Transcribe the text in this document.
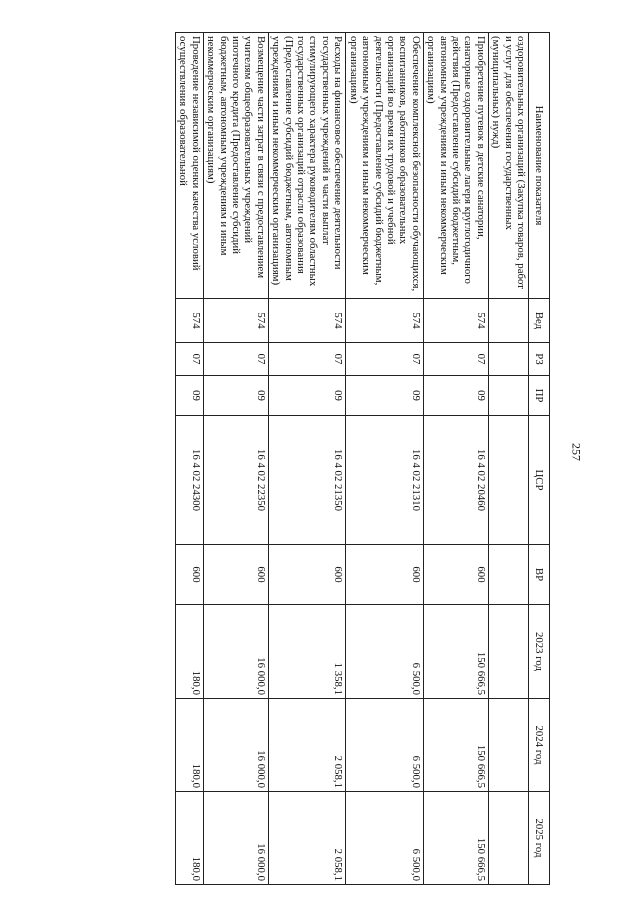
257
Наименование показателя	Вед	РЗ	ПР	ЦСР	ВР	2023 год	2024 год	2025 год
оздоровительных организаций (Закупка товаров, работ и услуг для обеспечения государственных (муниципальных) нужд)								
Приобретение путевок в детские санатории, санаторные оздоровительные лагеря круглогодичного действия (Предоставление субсидий бюджетным, автономным учреждениям и иным некоммерческим организациям)	574	07	09	16 4 02 20460	600	150 666,5	150 666,5	150 666,5
Обеспечение комплексной безопасности обучающихся, воспитанников, работников образовательных организаций во время их трудовой и учебной деятельности (Предоставление субсидий бюджетным, автономным учреждениям и иным некоммерческим организациям)	574	07	09	16 4 02 21310	600	6 500,0	6 500,0	6 500,0
Расходы на финансовое обеспечение деятельности государственных учреждений в части выплат стимулирующего характера руководителям областных государственных организаций отрасли образования (Предоставление субсидий бюджетным, автономным учреждениям и иным некоммерческим организациям)	574	07	09	16 4 02 21350	600	1 358,1	2 058,1	2 058,1
Возмещение части затрат в связи с предоставлением учителям общеобразовательных учреждений ипотечного кредита (Предоставление субсидий бюджетным, автономным учреждениям и иным некоммерческим организациям)	574	07	09	16 4 02 22350	600	16 000,0	16 000,0	16 000,0
Проведение независимой оценки качества условий осуществления образовательной	574	07	09	16 4 02 24300	600	180,0	180,0	180,0
